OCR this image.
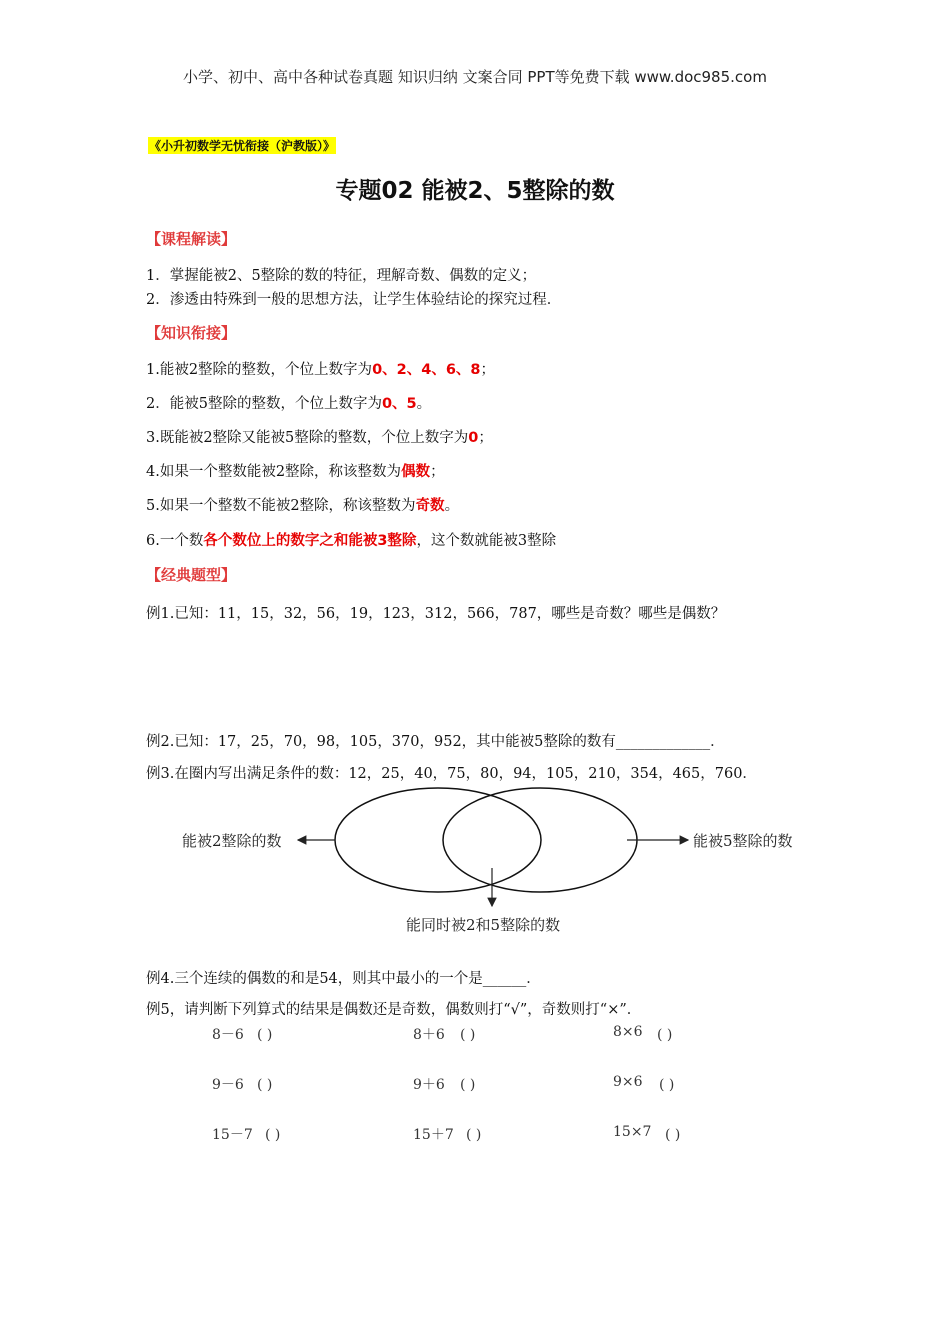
小学、初中、高中各种试卷真题 知识归纳 文案合同 PPT等免费下载 www.doc985.com
《小升初数学无忧衔接（沪教版）》
专题02 能被2、5整除的数
【课程解读】
1．掌握能被2、5整除的数的特征，理解奇数、偶数的定义；
2．渗透由特殊到一般的思想方法，让学生体验结论的探究过程．
【知识衔接】
1.能被2整除的整数，个位上数字为0、2、4、6、8；
2．能被5整除的整数，个位上数字为0、5。
3.既能被2整除又能被5整除的整数，个位上数字为0；
4.如果一个整数能被2整除，称该整数为偶数；
5.如果一个整数不能被2整除，称该整数为奇数。
6.一个数各个数位上的数字之和能被3整除，这个数就能被3整除
【经典题型】
例1.已知：11，15，32，56，19，123，312，566，787，哪些是奇数？哪些是偶数？
例2.已知：17，25，70，98，105，370，952，其中能被5整除的数有_____________．
例3.在圈内写出满足条件的数：12，25，40，75，80，94，105，210，354，465，760．
能被2整除的数	能被5整除的数
能同时被2和5整除的数
例4.三个连续的偶数的和是54，则其中最小的一个是______．
例5，请判断下列算式的结果是偶数还是奇数，偶数则打“√”，奇数则打“×”．
8－6 ( )	8＋6 ( )	8×6 ( )
9－6 ( )	9＋6 ( )	9×6 ( )
15－7 ( )	15＋7 ( )	15×7 ( )
